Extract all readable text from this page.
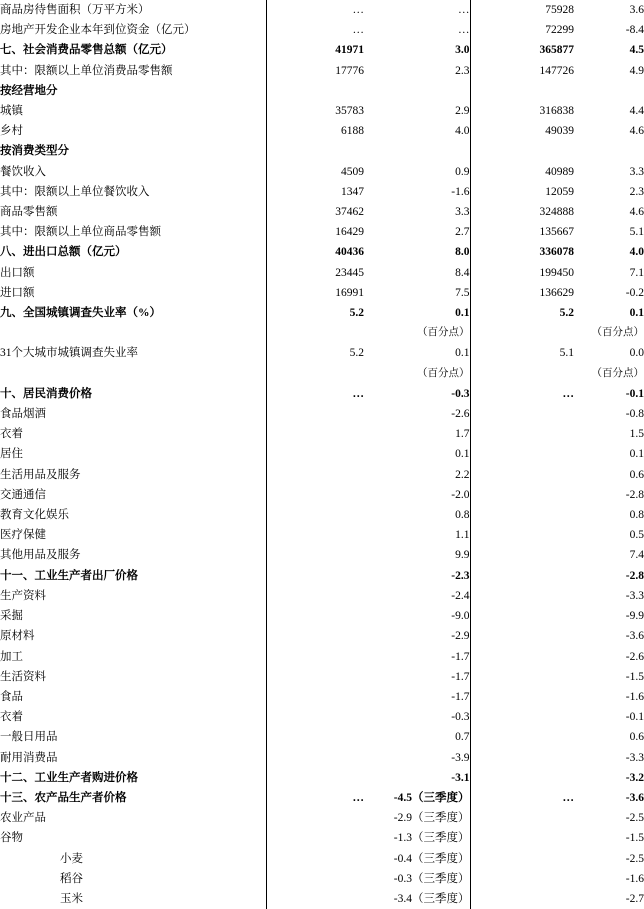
商品房待售面积（万平方米）	…	…	75928	3.6
房地产开发企业本年到位资金（亿元）	…	…	72299	-8.4
七、社会消费品零售总额（亿元）	41971	3.0	365877	4.5
其中：限额以上单位消费品零售额	17776	2.3	147726	4.9
按经营地分				
城镇	35783	2.9	316838	4.4
乡村	6188	4.0	49039	4.6
按消费类型分				
餐饮收入	4509	0.9	40989	3.3
其中：限额以上单位餐饮收入	1347	-1.6	12059	2.3
商品零售额	37462	3.3	324888	4.6
其中：限额以上单位商品零售额	16429	2.7	135667	5.1
八、进出口总额（亿元）	40436	8.0	336078	4.0
出口额	23445	8.4	199450	7.1
进口额	16991	7.5	136629	-0.2
九、全国城镇调查失业率（%）	5.2	0.1	5.2	0.1
		（百分点）		（百分点）
31个大城市城镇调查失业率	5.2	0.1	5.1	0.0
		（百分点）		（百分点）
十、居民消费价格	…	-0.3	…	-0.1
食品烟酒		-2.6		-0.8
衣着		1.7		1.5
居住		0.1		0.1
生活用品及服务		2.2		0.6
交通通信		-2.0		-2.8
教育文化娱乐		0.8		0.8
医疗保健		1.1		0.5
其他用品及服务		9.9		7.4
十一、工业生产者出厂价格		-2.3		-2.8
生产资料		-2.4		-3.3
采掘		-9.0		-9.9
原材料		-2.9		-3.6
加工		-1.7		-2.6
生活资料		-1.7		-1.5
食品		-1.7		-1.6
衣着		-0.3		-0.1
一般日用品		0.7		0.6
耐用消费品		-3.9		-3.3
十二、工业生产者购进价格		-3.1		-3.2
十三、农产品生产者价格	…	-4.5（三季度）	…	-3.6
农业产品		-2.9（三季度）		-2.5
谷物		-1.3（三季度）		-1.5
小麦		-0.4（三季度）		-2.5
稻谷		-0.3（三季度）		-1.6
玉米		-3.4（三季度）		-2.7
